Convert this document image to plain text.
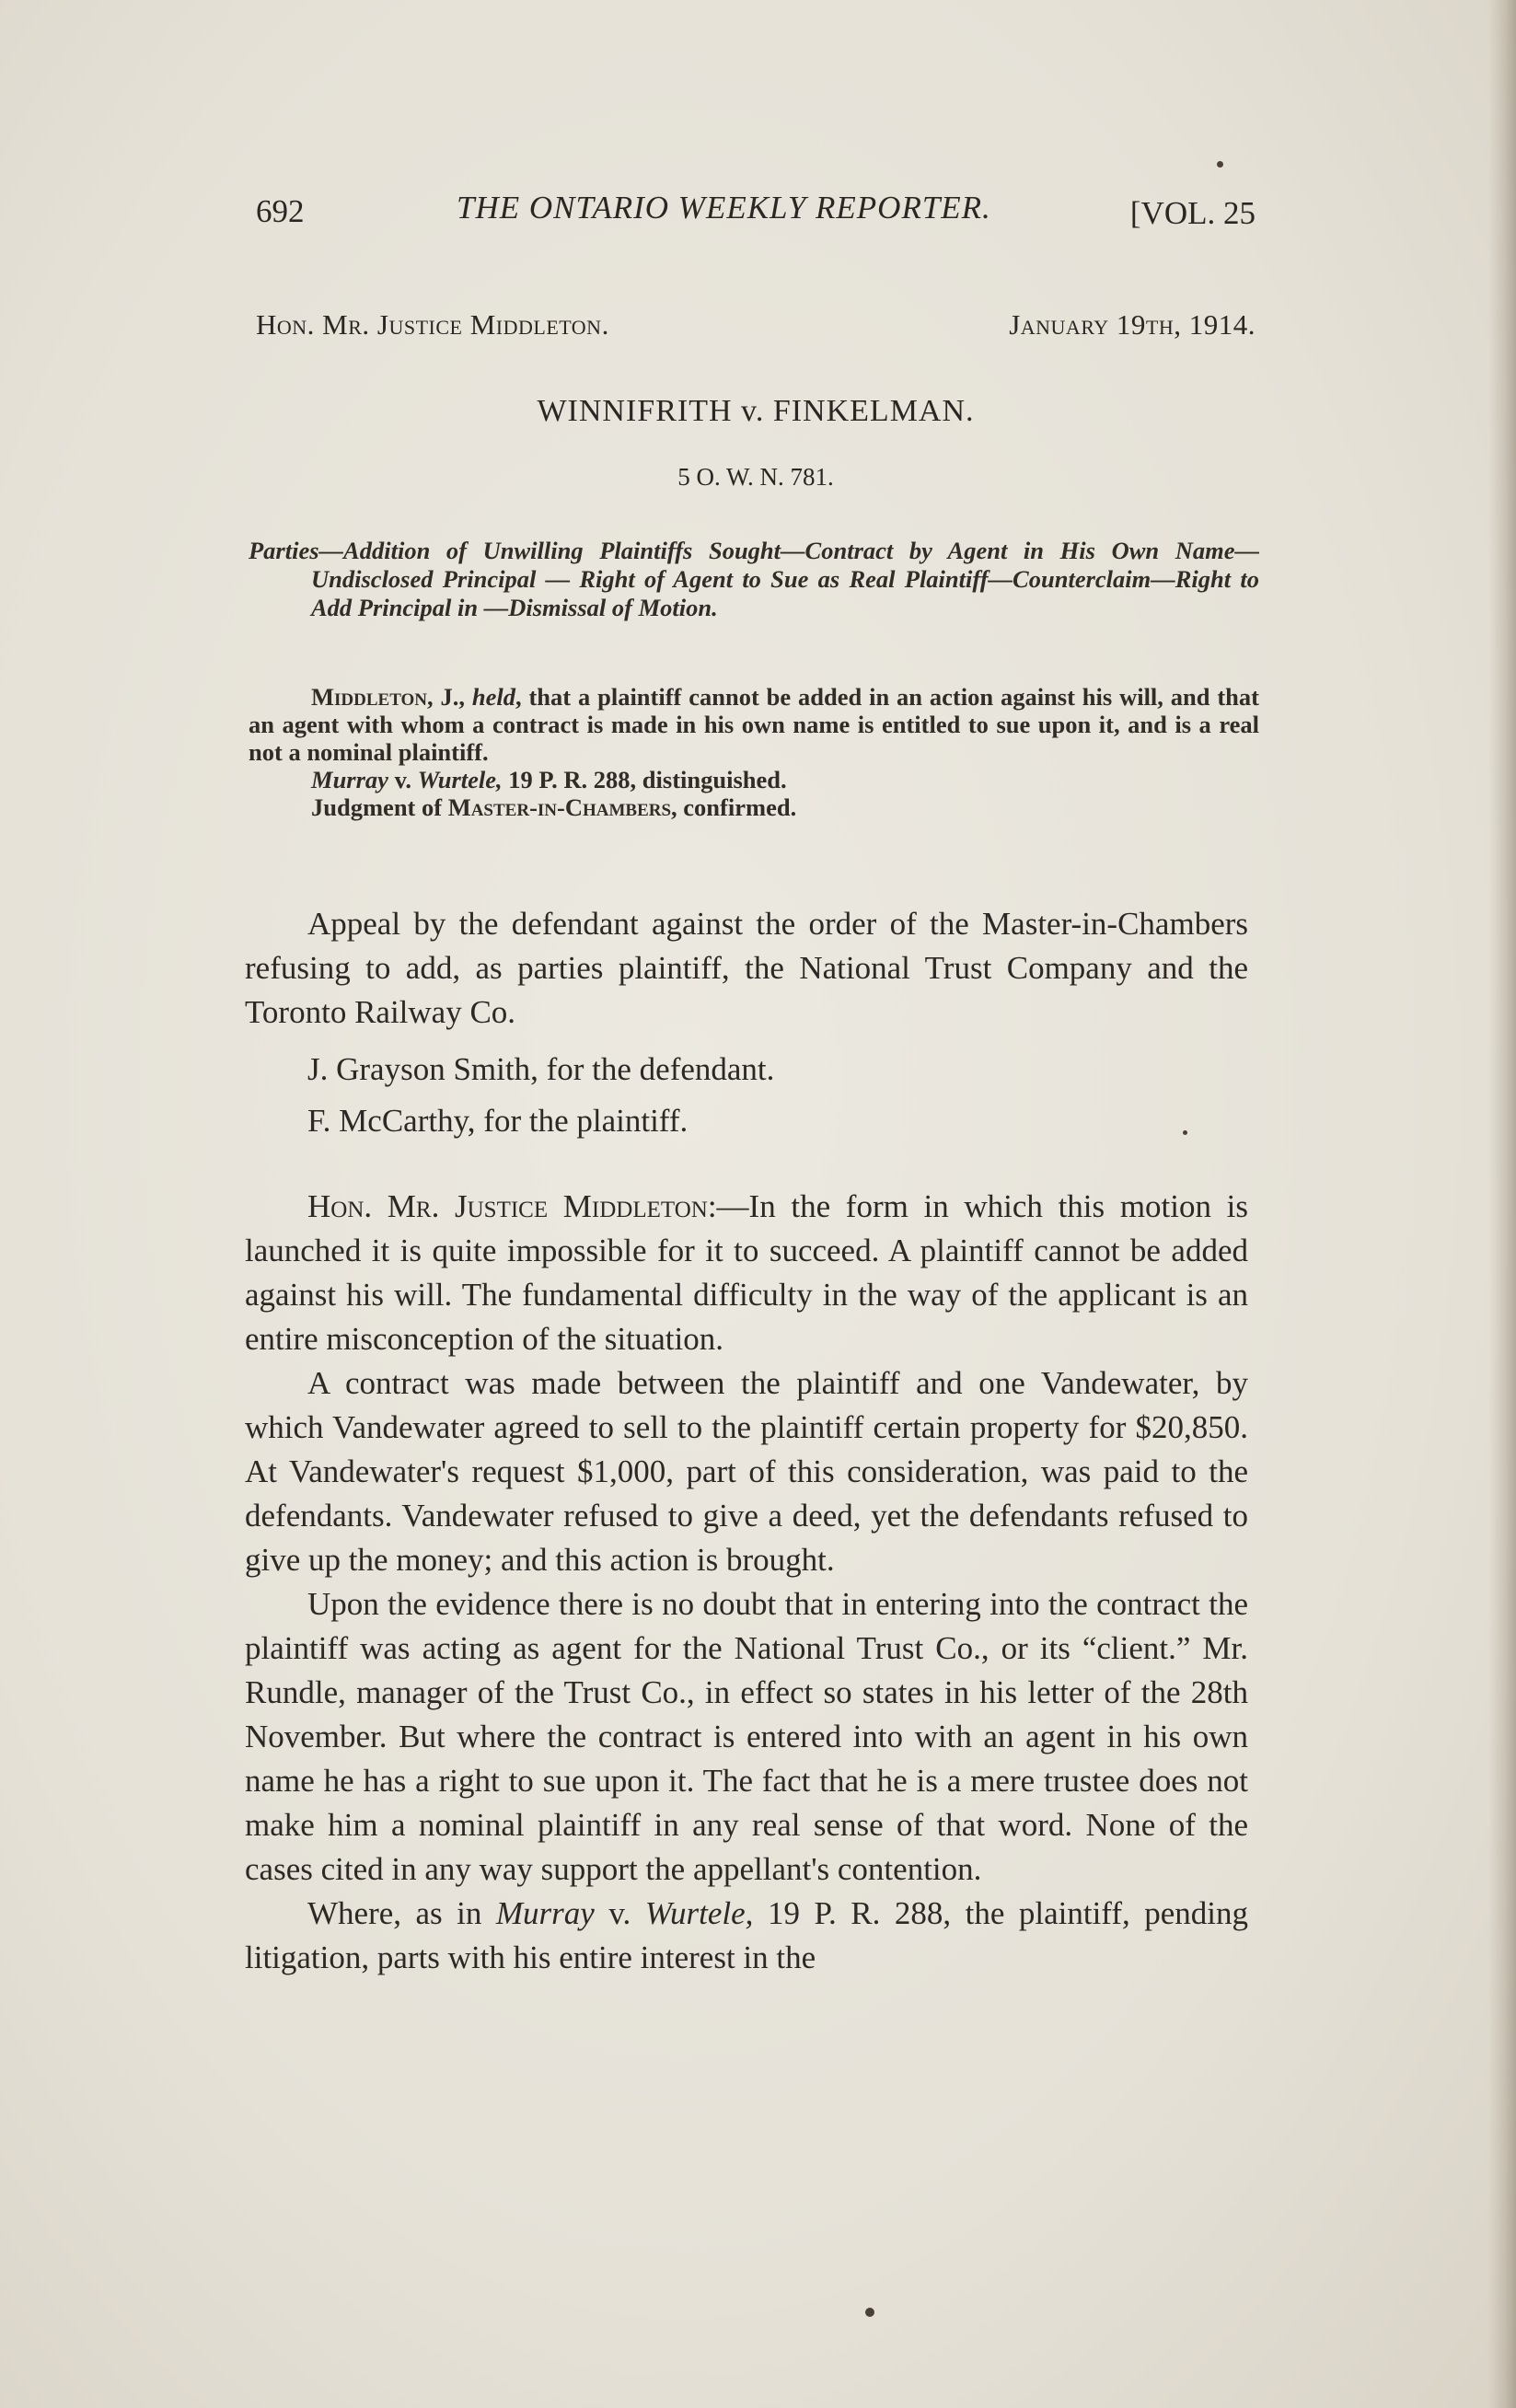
692	THE ONTARIO WEEKLY REPORTER.	[VOL. 25
Hon. Mr. Justice Middleton.	January 19th, 1914.
WINNIFRITH v. FINKELMAN.
5 O. W. N. 781.
Parties—Addition of Unwilling Plaintiffs Sought—Contract by Agent in His Own Name—Undisclosed Principal — Right of Agent to Sue as Real Plaintiff—Counterclaim—Right to Add Principal in —Dismissal of Motion.

Middleton, J., held, that a plaintiff cannot be added in an action against his will, and that an agent with whom a contract is made in his own name is entitled to sue upon it, and is a real not a nominal plaintiff.

Murray v. Wurtele, 19 P. R. 288, distinguished.

Judgment of Master-in-Chambers, confirmed.

Appeal by the defendant against the order of the Master-in-Chambers refusing to add, as parties plaintiff, the National Trust Company and the Toronto Railway Co.

J. Grayson Smith, for the defendant.

F. McCarthy, for the plaintiff.

Hon. Mr. Justice Middleton:—In the form in which this motion is launched it is quite impossible for it to succeed. A plaintiff cannot be added against his will. The fundamental difficulty in the way of the applicant is an entire misconception of the situation.

A contract was made between the plaintiff and one Vandewater, by which Vandewater agreed to sell to the plaintiff certain property for $20,850. At Vandewater's request $1,000, part of this consideration, was paid to the defendants. Vandewater refused to give a deed, yet the defendants refused to give up the money; and this action is brought.

Upon the evidence there is no doubt that in entering into the contract the plaintiff was acting as agent for the National Trust Co., or its “client.” Mr. Rundle, manager of the Trust Co., in effect so states in his letter of the 28th November. But where the contract is entered into with an agent in his own name he has a right to sue upon it. The fact that he is a mere trustee does not make him a nominal plaintiff in any real sense of that word. None of the cases cited in any way support the appellant's contention.

Where, as in Murray v. Wurtele, 19 P. R. 288, the plaintiff, pending litigation, parts with his entire interest in the
